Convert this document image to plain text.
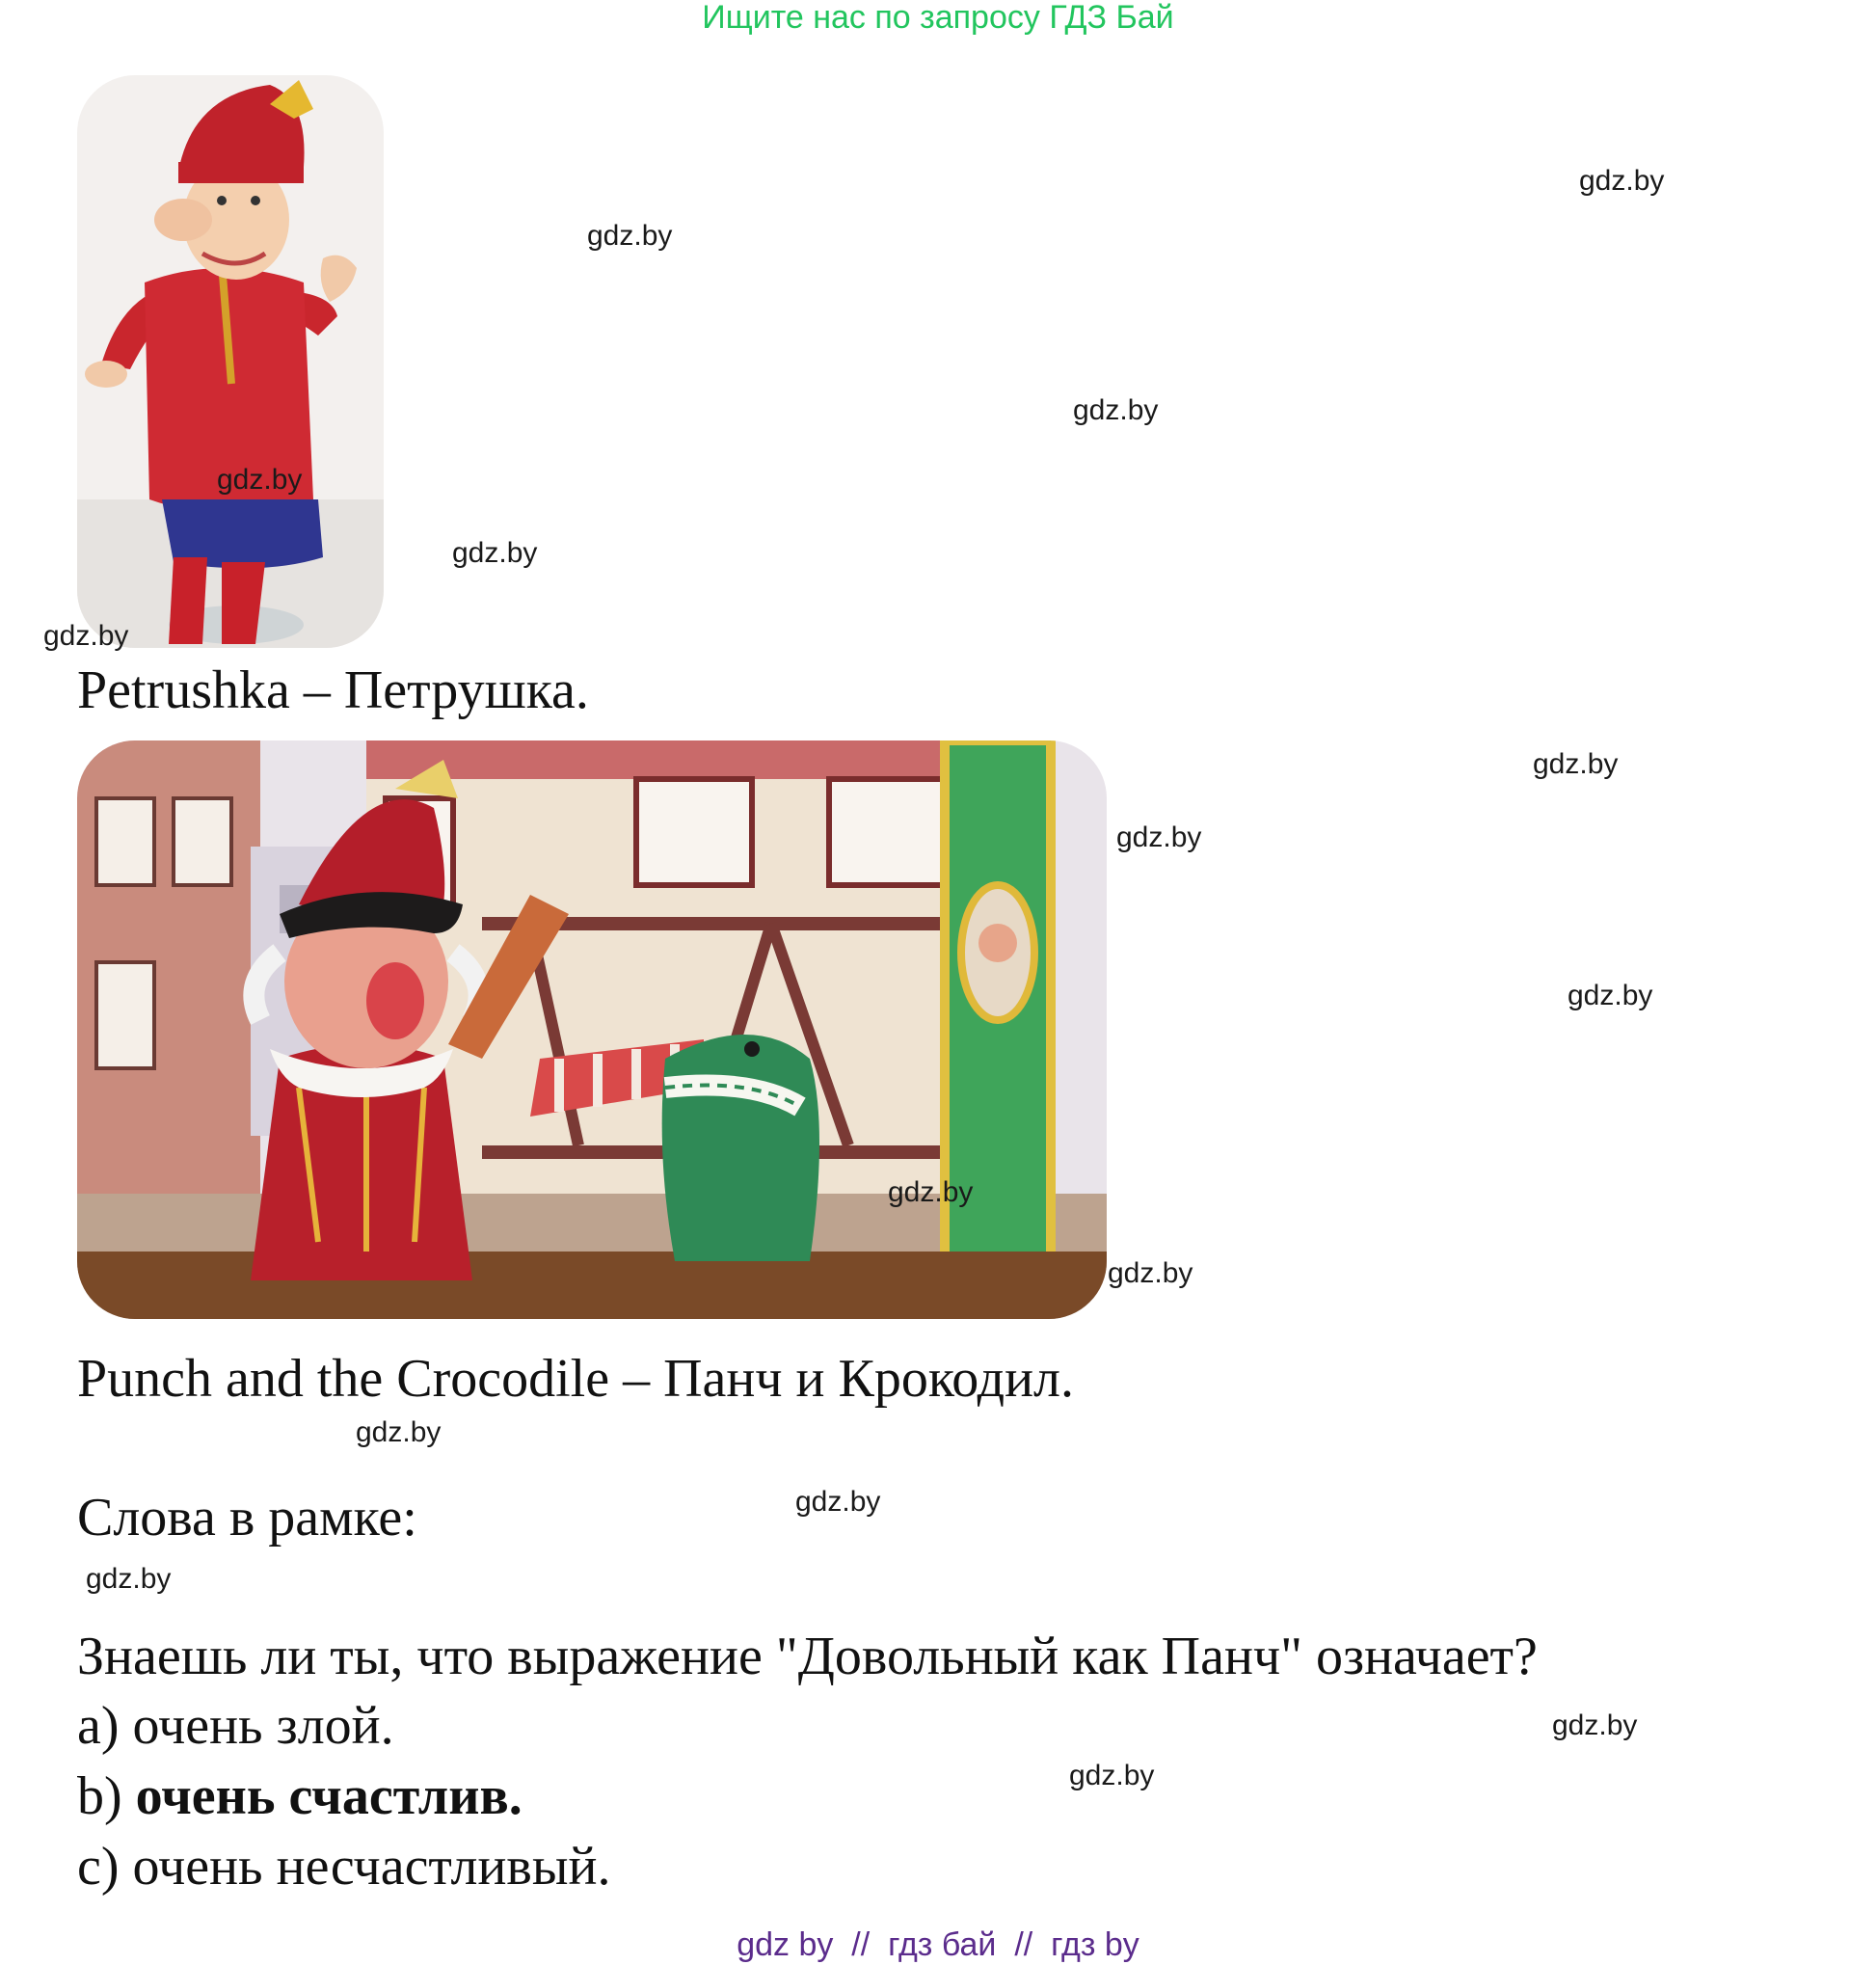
Ищите нас по запросу ГДЗ Бай
Petrushka – Петрушка.
Punch and the Crocodile – Панч и Крокодил.
Слова в рамке:
Знаешь ли ты, что выражение "Довольный как Панч" означает?
a) очень злой.
b) очень счастлив.
c) очень несчастливый.
gdz.by
gdz.by
gdz.by
gdz.by
gdz.by
gdz.by
gdz.by
gdz.by
gdz.by
gdz.by
gdz.by
gdz.by
gdz.by
gdz.by
gdz.by
gdz.by
gdz by  //  гдз бай  //  гдз by
